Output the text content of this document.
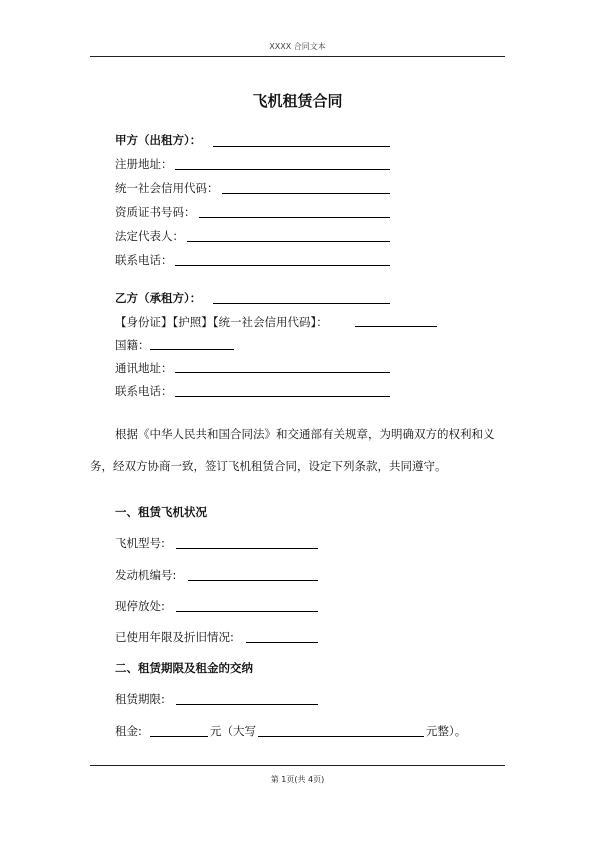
XXXX 合同文本
飞机租赁合同
甲方（出租方）：
注册地址：
统一社会信用代码：
资质证书号码：
法定代表人：
联系电话：
乙方（承租方）：
【身份证】【护照】【统一社会信用代码】：
国籍：
通讯地址：
联系电话：
根据《中华人民共和国合同法》和交通部有关规章，为明确双方的权利和义
务，经双方协商一致，签订飞机租赁合同，设定下列条款，共同遵守。
一、租赁飞机状况
飞机型号:
发动机编号:
现停放处:
已使用年限及折旧情况:
二、租赁期限及租金的交纳
租赁期限:
租金:	元（大写	元整）。
第 1页(共 4页)
